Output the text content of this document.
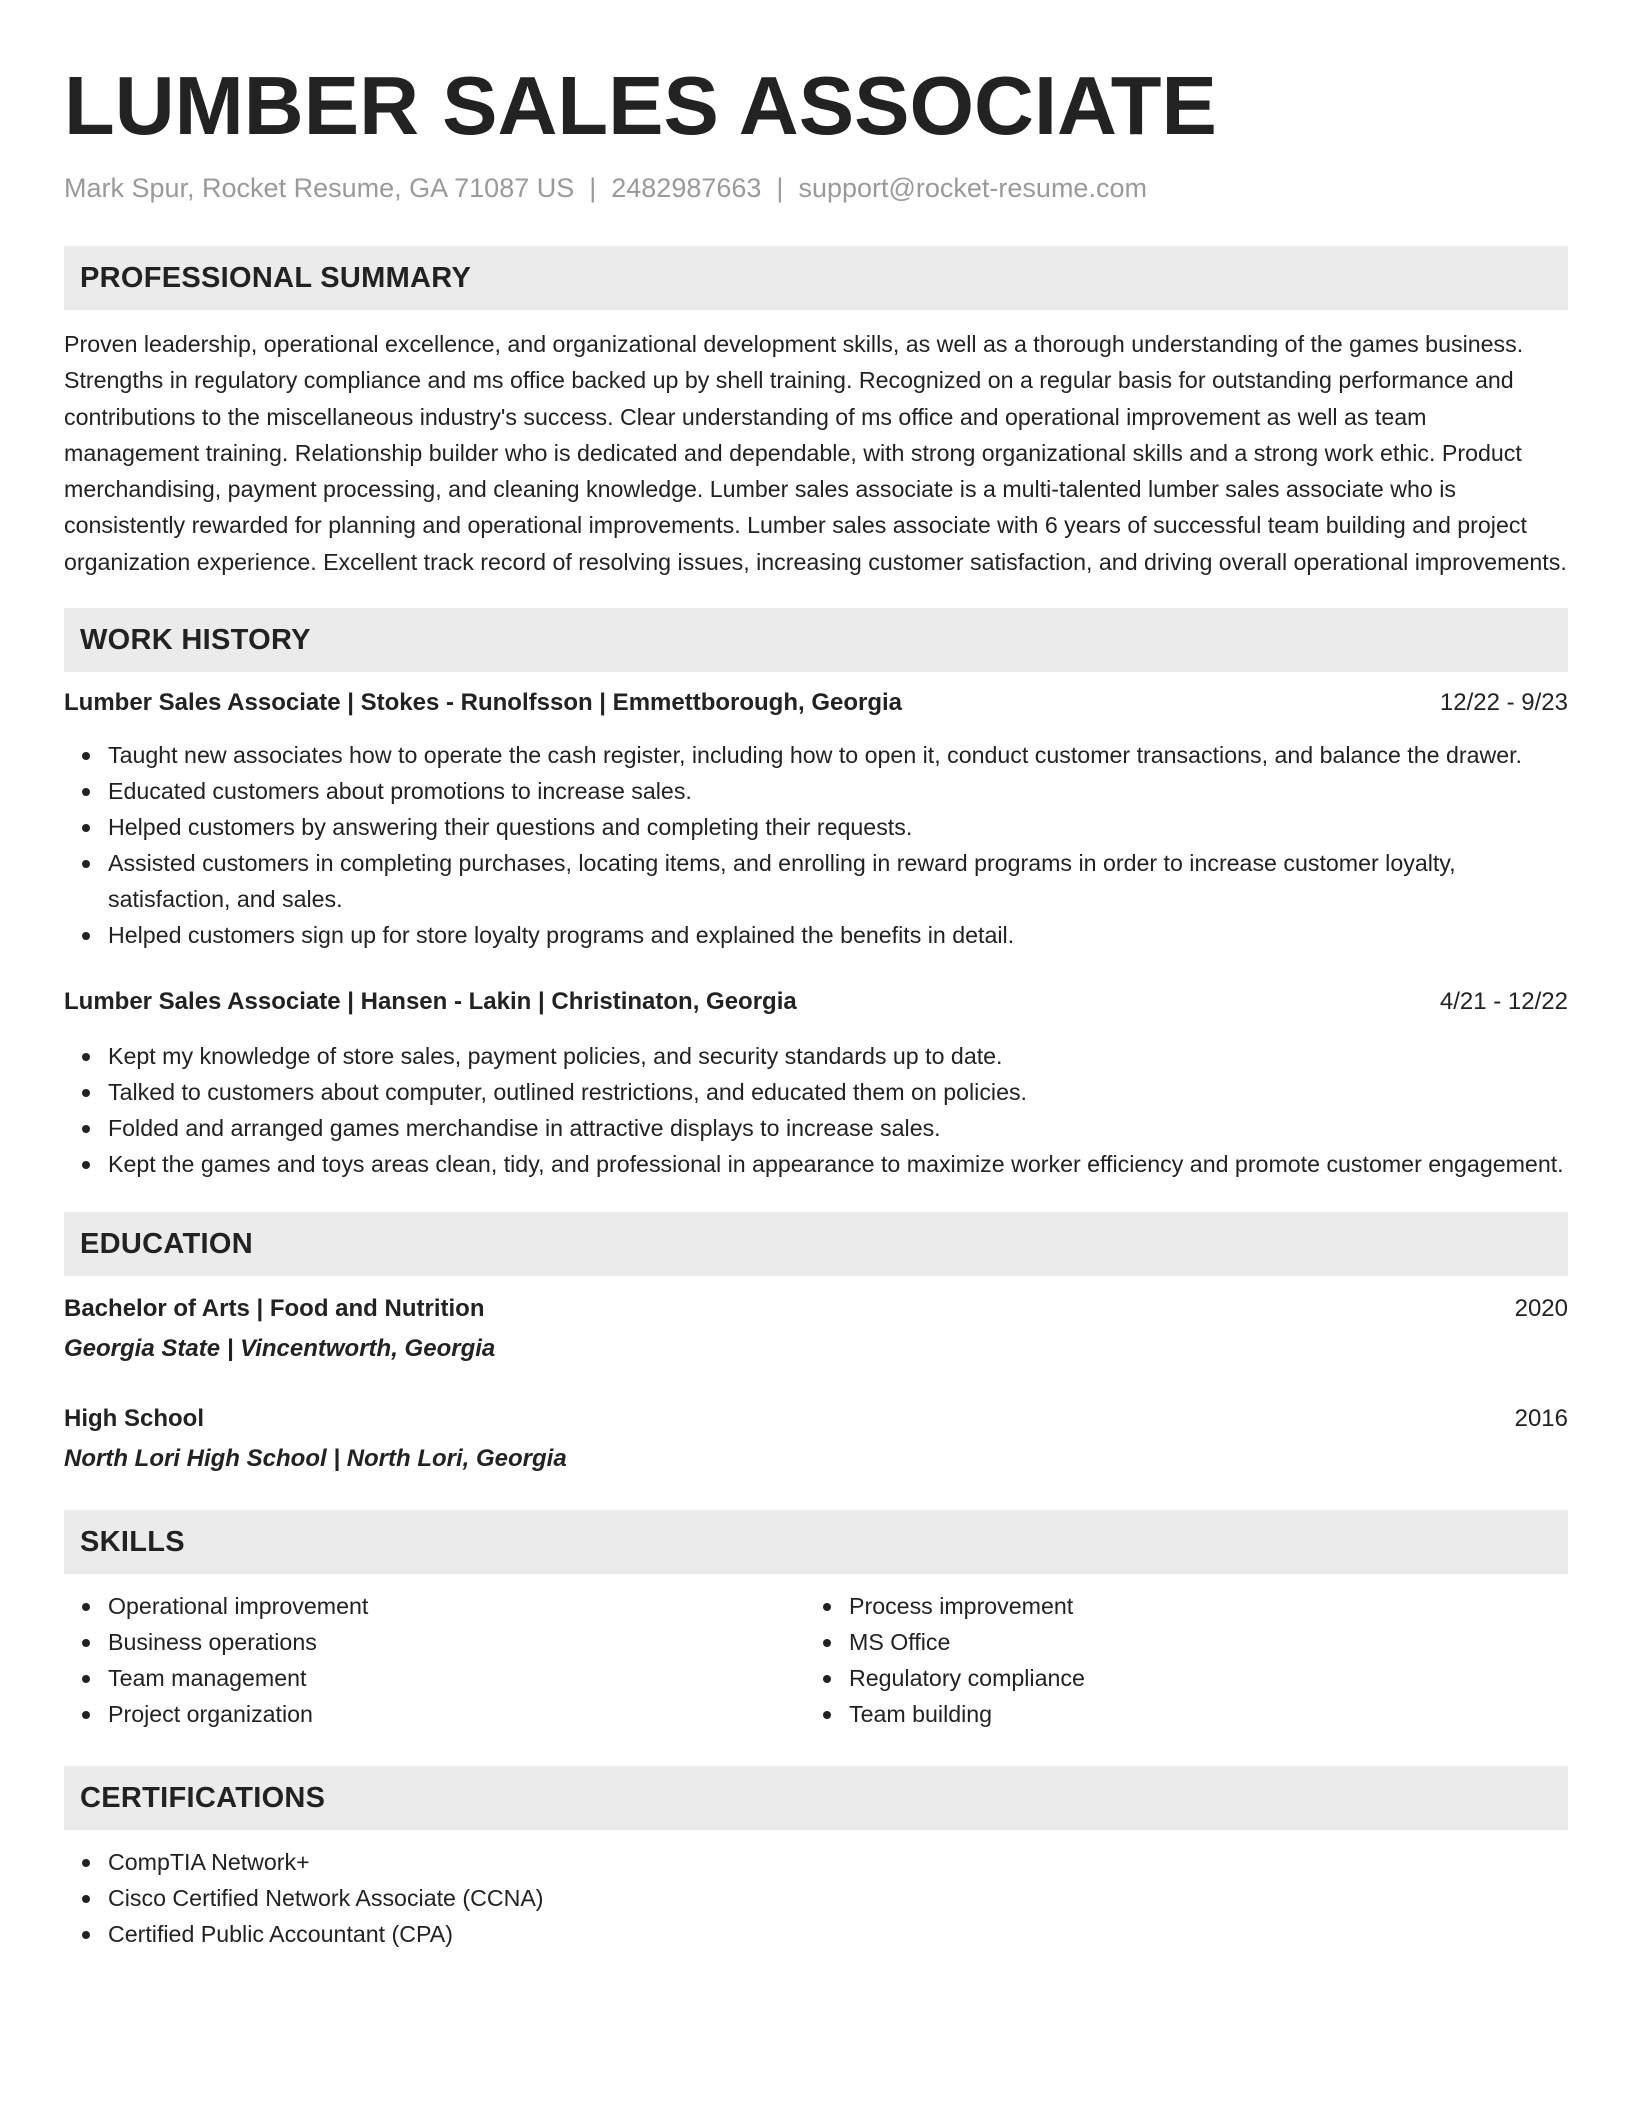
LUMBER SALES ASSOCIATE
Mark Spur, Rocket Resume, GA 71087 US | 2482987663 | support@rocket-resume.com
PROFESSIONAL SUMMARY
Proven leadership, operational excellence, and organizational development skills, as well as a thorough understanding of the games business. Strengths in regulatory compliance and ms office backed up by shell training. Recognized on a regular basis for outstanding performance and contributions to the miscellaneous industry's success. Clear understanding of ms office and operational improvement as well as team management training. Relationship builder who is dedicated and dependable, with strong organizational skills and a strong work ethic. Product merchandising, payment processing, and cleaning knowledge. Lumber sales associate is a multi-talented lumber sales associate who is consistently rewarded for planning and operational improvements. Lumber sales associate with 6 years of successful team building and project organization experience. Excellent track record of resolving issues, increasing customer satisfaction, and driving overall operational improvements.
WORK HISTORY
Lumber Sales Associate | Stokes - Runolfsson | Emmettborough, Georgia	12/22 - 9/23
Taught new associates how to operate the cash register, including how to open it, conduct customer transactions, and balance the drawer.
Educated customers about promotions to increase sales.
Helped customers by answering their questions and completing their requests.
Assisted customers in completing purchases, locating items, and enrolling in reward programs in order to increase customer loyalty, satisfaction, and sales.
Helped customers sign up for store loyalty programs and explained the benefits in detail.
Lumber Sales Associate | Hansen - Lakin | Christinaton, Georgia	4/21 - 12/22
Kept my knowledge of store sales, payment policies, and security standards up to date.
Talked to customers about computer, outlined restrictions, and educated them on policies.
Folded and arranged games merchandise in attractive displays to increase sales.
Kept the games and toys areas clean, tidy, and professional in appearance to maximize worker efficiency and promote customer engagement.
EDUCATION
Bachelor of Arts | Food and Nutrition	2020
Georgia State | Vincentworth, Georgia
High School	2016
North Lori High School | North Lori, Georgia
SKILLS
Operational improvement
Business operations
Team management
Project organization
Process improvement
MS Office
Regulatory compliance
Team building
CERTIFICATIONS
CompTIA Network+
Cisco Certified Network Associate (CCNA)
Certified Public Accountant (CPA)
